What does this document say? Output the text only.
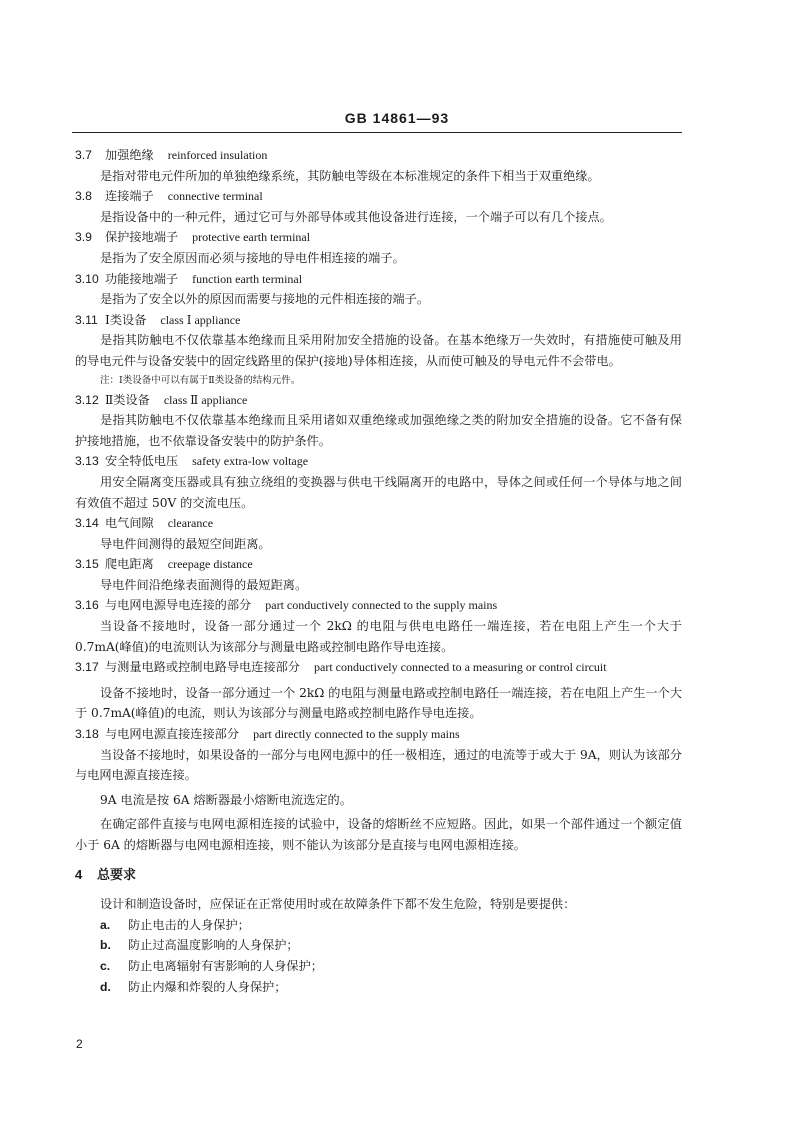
GB 14861—93
3.7 加强绝缘 reinforced insulation
是指对带电元件所加的单独绝缘系统，其防触电等级在本标准规定的条件下相当于双重绝缘。
3.8 连接端子 connective terminal
是指设备中的一种元件，通过它可与外部导体或其他设备进行连接，一个端子可以有几个接点。
3.9 保护接地端子 protective earth terminal
是指为了安全原因而必须与接地的导电件相连接的端子。
3.10 功能接地端子 function earth terminal
是指为了安全以外的原因而需要与接地的元件相连接的端子。
3.11 Ⅰ类设备 class Ⅰ appliance
是指其防触电不仅依靠基本绝缘而且采用附加安全措施的设备。在基本绝缘万一失效时，有措施使可触及用的导电元件与设备安装中的固定线路里的保护(接地)导体相连接，从而使可触及的导电元件不会带电。
注：Ⅰ类设备中可以有属于Ⅱ类设备的结构元件。
3.12 Ⅱ类设备 class Ⅱ appliance
是指其防触电不仅依靠基本绝缘而且采用诸如双重绝缘或加强绝缘之类的附加安全措施的设备。它不备有保护接地措施，也不依靠设备安装中的防护条件。
3.13 安全特低电压 safety extra-low voltage
用安全隔离变压器或具有独立绕组的变换器与供电干线隔离开的电路中，导体之间或任何一个导体与地之间有效值不超过 50V 的交流电压。
3.14 电气间隙 clearance
导电件间测得的最短空间距离。
3.15 爬电距离 creepage distance
导电件间沿绝缘表面测得的最短距离。
3.16 与电网电源导电连接的部分 part conductively connected to the supply mains
当设备不接地时，设备一部分通过一个 2kΩ 的电阻与供电电路任一端连接，若在电阻上产生一个大于 0.7mA(峰值)的电流则认为该部分与测量电路或控制电路作导电连接。
3.17 与测量电路或控制电路导电连接部分 part conductively connected to a measuring or control circuit
设备不接地时，设备一部分通过一个 2kΩ 的电阻与测量电路或控制电路任一端连接，若在电阻上产生一个大于 0.7mA(峰值)的电流，则认为该部分与测量电路或控制电路作导电连接。
3.18 与电网电源直接连接部分 part directly connected to the supply mains
当设备不接地时，如果设备的一部分与电网电源中的任一极相连，通过的电流等于或大于 9A，则认为该部分与电网电源直接连接。
9A 电流是按 6A 熔断器最小熔断电流选定的。
在确定部件直接与电网电源相连接的试验中，设备的熔断丝不应短路。因此，如果一个部件通过一个额定值小于 6A 的熔断器与电网电源相连接，则不能认为该部分是直接与电网电源相连接。
4 总要求
设计和制造设备时，应保证在正常使用时或在故障条件下都不发生危险，特别是要提供：
a. 防止电击的人身保护；
b. 防止过高温度影响的人身保护；
c. 防止电离辐射有害影响的人身保护；
d. 防止内爆和炸裂的人身保护；
2
